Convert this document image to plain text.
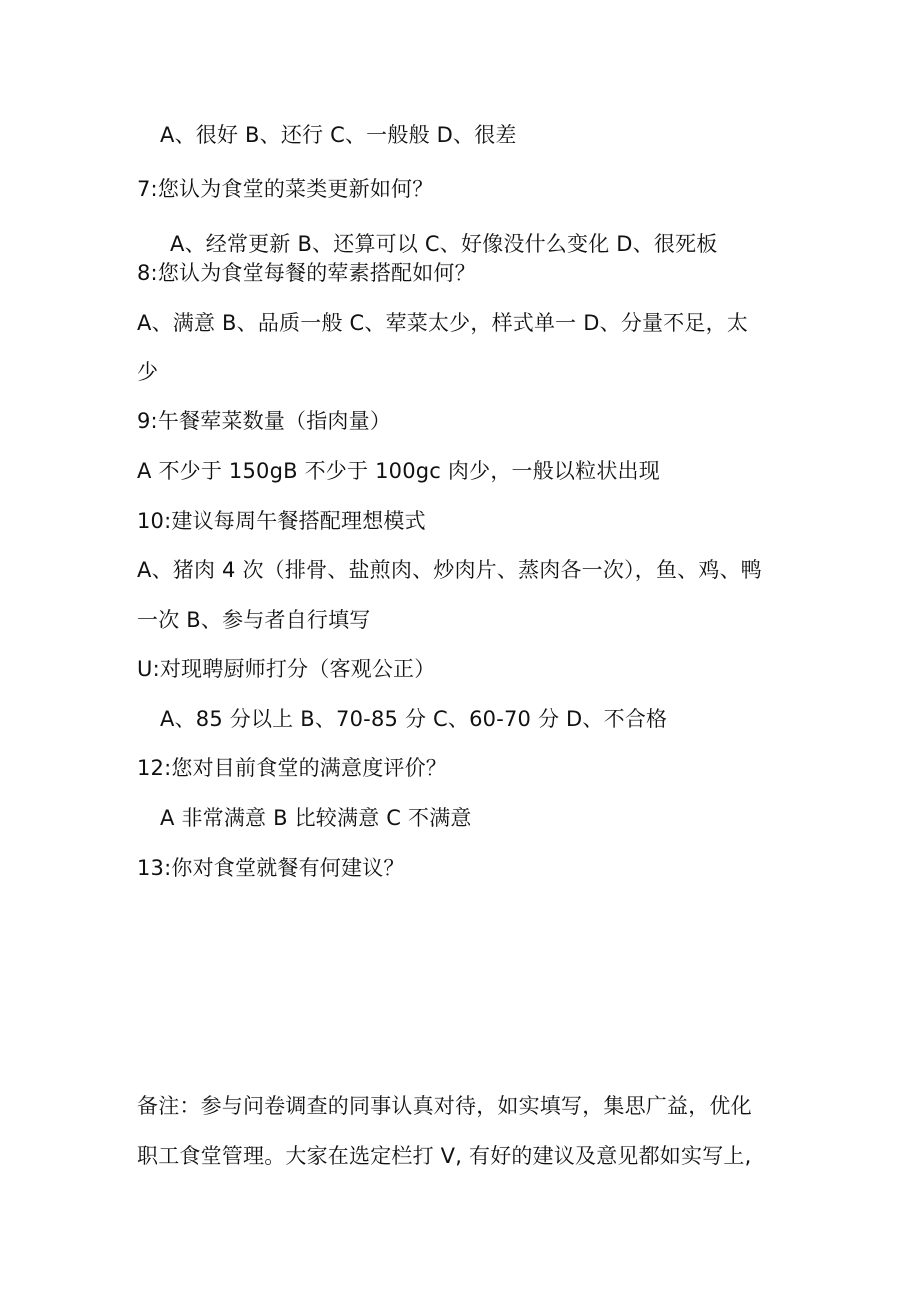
A、很好 B、还行 C、一般般 D、很差
7:您认为食堂的菜类更新如何？
A、经常更新 B、还算可以 C、好像没什么变化 D、很死板
8:您认为食堂每餐的荤素搭配如何？
A、满意 B、品质一般 C、荤菜太少，样式单一 D、分量不足，太
少
9:午餐荤菜数量（指肉量）
A 不少于 150gB 不少于 100gc 肉少，一般以粒状出现
10:建议每周午餐搭配理想模式
A、猪肉 4 次（排骨、盐煎肉、炒肉片、蒸肉各一次），鱼、鸡、鸭
一次 B、参与者自行填写
U:对现聘厨师打分（客观公正）
A、85 分以上 B、70-85 分 C、60-70 分 D、不合格
12:您对目前食堂的满意度评价？
A 非常满意 B 比较满意 C 不满意
13:你对食堂就餐有何建议？
备注：参与问卷调查的同事认真对待，如实填写，集思广益，优化
职工食堂管理。大家在选定栏打 V, 有好的建议及意见都如实写上,
